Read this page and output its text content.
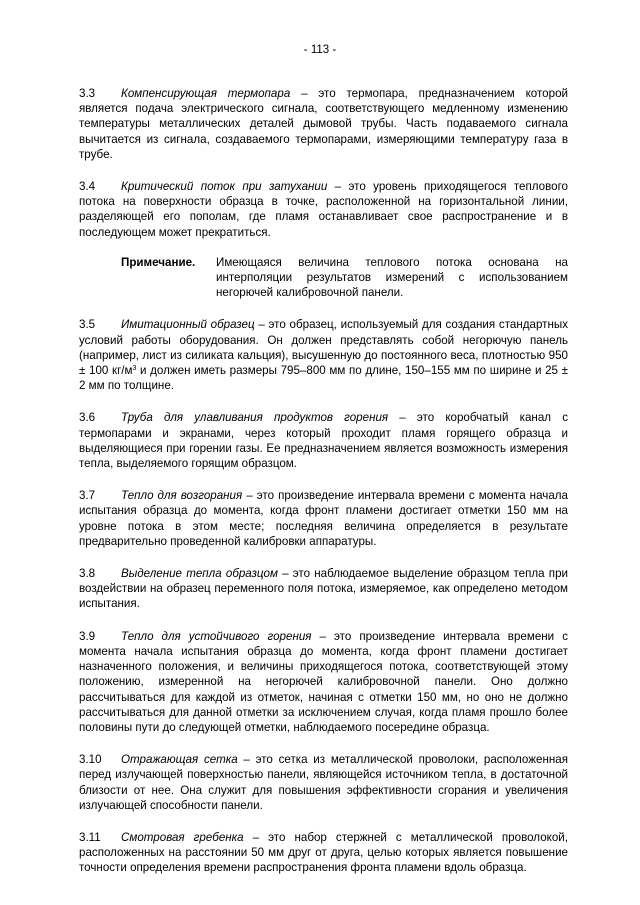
- 113 -
3.3	Компенсирующая термопара – это термопара, предназначением которой является подача электрического сигнала, соответствующего медленному изменению температуры металлических деталей дымовой трубы. Часть подаваемого сигнала вычитается из сигнала, создаваемого термопарами, измеряющими температуру газа в трубе.
3.4	Критический поток при затухании – это уровень приходящегося теплового потока на поверхности образца в точке, расположенной на горизонтальной линии, разделяющей его пополам, где пламя останавливает свое распространение и в последующем может прекратиться.
Примечание. Имеющаяся величина теплового потока основана на интерполяции результатов измерений с использованием негорючей калибровочной панели.
3.5	Имитационный образец – это образец, используемый для создания стандартных условий работы оборудования. Он должен представлять собой негорючую панель (например, лист из силиката кальция), высушенную до постоянного веса, плотностью 950 ± 100 $кг/м^3$ и должен иметь размеры 795–800 мм по длине, 150–155 мм по ширине и 25 ± 2 мм по толщине.
3.6	Труба для улавливания продуктов горения – это коробчатый канал с термопарами и экранами, через который проходит пламя горящего образца и выделяющиеся при горении газы. Ее предназначением является возможность измерения тепла, выделяемого горящим образцом.
3.7	Тепло для возгорания – это произведение интервала времени с момента начала испытания образца до момента, когда фронт пламени достигает отметки 150 мм на уровне потока в этом месте; последняя величина определяется в результате предварительно проведенной калибровки аппаратуры.
3.8	Выделение тепла образцом – это наблюдаемое выделение образцом тепла при воздействии на образец переменного поля потока, измеряемое, как определено методом испытания.
3.9	Тепло для устойчивого горения – это произведение интервала времени с момента начала испытания образца до момента, когда фронт пламени достигает назначенного положения, и величины приходящегося потока, соответствующей этому положению, измеренной на негорючей калибровочной панели. Оно должно рассчитываться для каждой из отметок, начиная с отметки 150 мм, но оно не должно рассчитываться для данной отметки за исключением случая, когда пламя прошло более половины пути до следующей отметки, наблюдаемого посередине образца.
3.10	Отражающая сетка – это сетка из металлической проволоки, расположенная перед излучающей поверхностью панели, являющейся источником тепла, в достаточной близости от нее. Она служит для повышения эффективности сгорания и увеличения излучающей способности панели.
3.11	Смотровая гребенка – это набор стержней с металлической проволокой, расположенных на расстоянии 50 мм друг от друга, целью которых является повышение точности определения времени распространения фронта пламени вдоль образца.
